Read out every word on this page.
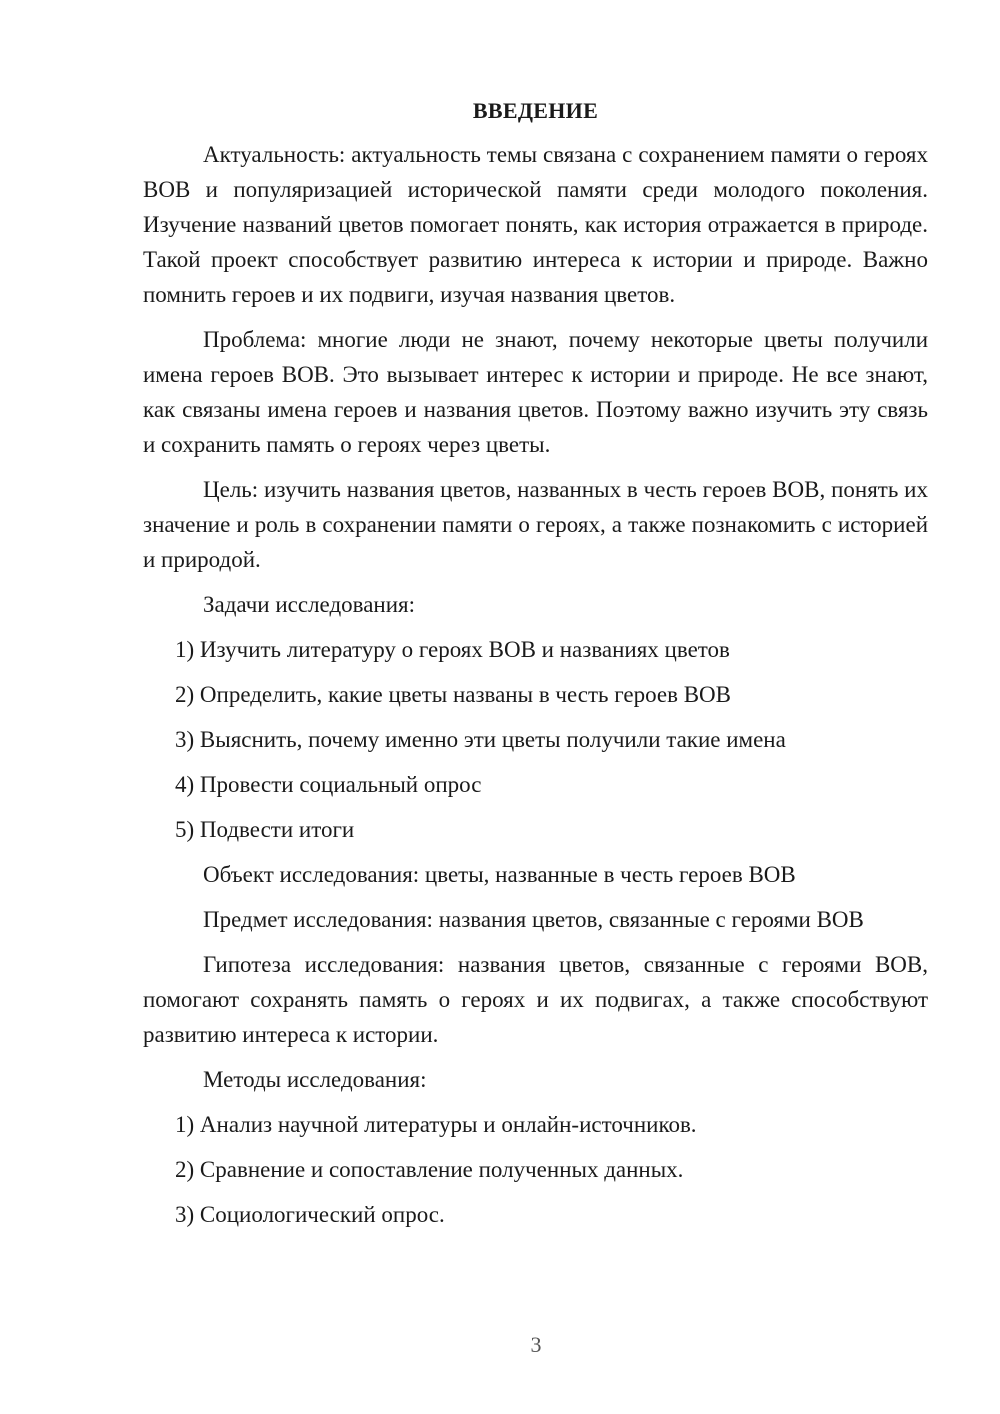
ВВЕДЕНИЕ

Актуальность: актуальность темы связана с сохранением памяти о героях ВОВ и популяризацией исторической памяти среди молодого поколения. Изучение названий цветов помогает понять, как история отражается в природе. Такой проект способствует развитию интереса к истории и природе. Важно помнить героев и их подвиги, изучая названия цветов.

Проблема: многие люди не знают, почему некоторые цветы получили имена героев ВОВ. Это вызывает интерес к истории и природе. Не все знают, как связаны имена героев и названия цветов. Поэтому важно изучить эту связь и сохранить память о героях через цветы.

Цель: изучить названия цветов, названных в честь героев ВОВ, понять их значение и роль в сохранении памяти о героях, а также познакомить с историей и природой.

Задачи исследования:
1) Изучить литературу о героях ВОВ и названиях цветов
2) Определить, какие цветы названы в честь героев ВОВ
3) Выяснить, почему именно эти цветы получили такие имена
4) Провести социальный опрос
5) Подвести итоги
Объект исследования: цветы, названные в честь героев ВОВ
Предмет исследования: названия цветов, связанные с героями ВОВ

Гипотеза исследования: названия цветов, связанные с героями ВОВ, помогают сохранять память о героях и их подвигах, а также способствуют развитию интереса к истории.

Методы исследования:
1) Анализ научной литературы и онлайн-источников.
2) Сравнение и сопоставление полученных данных.
3) Социологический опрос.
3
